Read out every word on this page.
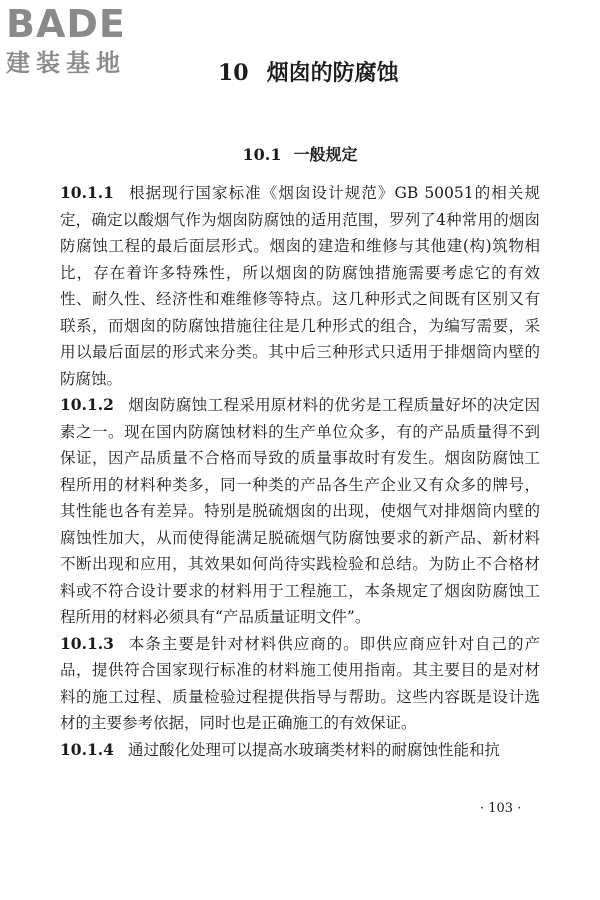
BADE
建装基地	10 烟囱的防腐蚀
10.1 一般规定

10.1.1 根据现行国家标准《烟囱设计规范》GB 50051的相关规定，确定以酸烟气作为烟囱防腐蚀的适用范围，罗列了4种常用的烟囱防腐蚀工程的最后面层形式。烟囱的建造和维修与其他建(构)筑物相比，存在着许多特殊性，所以烟囱的防腐蚀措施需要考虑它的有效性、耐久性、经济性和难维修等特点。这几种形式之间既有区别又有联系，而烟囱的防腐蚀措施往往是几种形式的组合，为编写需要，采用以最后面层的形式来分类。其中后三种形式只适用于排烟筒内壁的防腐蚀。

10.1.2 烟囱防腐蚀工程采用原材料的优劣是工程质量好坏的决定因素之一。现在国内防腐蚀材料的生产单位众多，有的产品质量得不到保证，因产品质量不合格而导致的质量事故时有发生。烟囱防腐蚀工程所用的材料种类多，同一种类的产品各生产企业又有众多的牌号，其性能也各有差异。特别是脱硫烟囱的出现，使烟气对排烟筒内壁的腐蚀性加大，从而使得能满足脱硫烟气防腐蚀要求的新产品、新材料不断出现和应用，其效果如何尚待实践检验和总结。为防止不合格材料或不符合设计要求的材料用于工程施工，本条规定了烟囱防腐蚀工程所用的材料必须具有“产品质量证明文件”。

10.1.3 本条主要是针对材料供应商的。即供应商应针对自己的产品，提供符合国家现行标准的材料施工使用指南。其主要目的是对材料的施工过程、质量检验过程提供指导与帮助。这些内容既是设计选材的主要参考依据，同时也是正确施工的有效保证。

10.1.4 通过酸化处理可以提高水玻璃类材料的耐腐蚀性能和抗

· 103 ·
